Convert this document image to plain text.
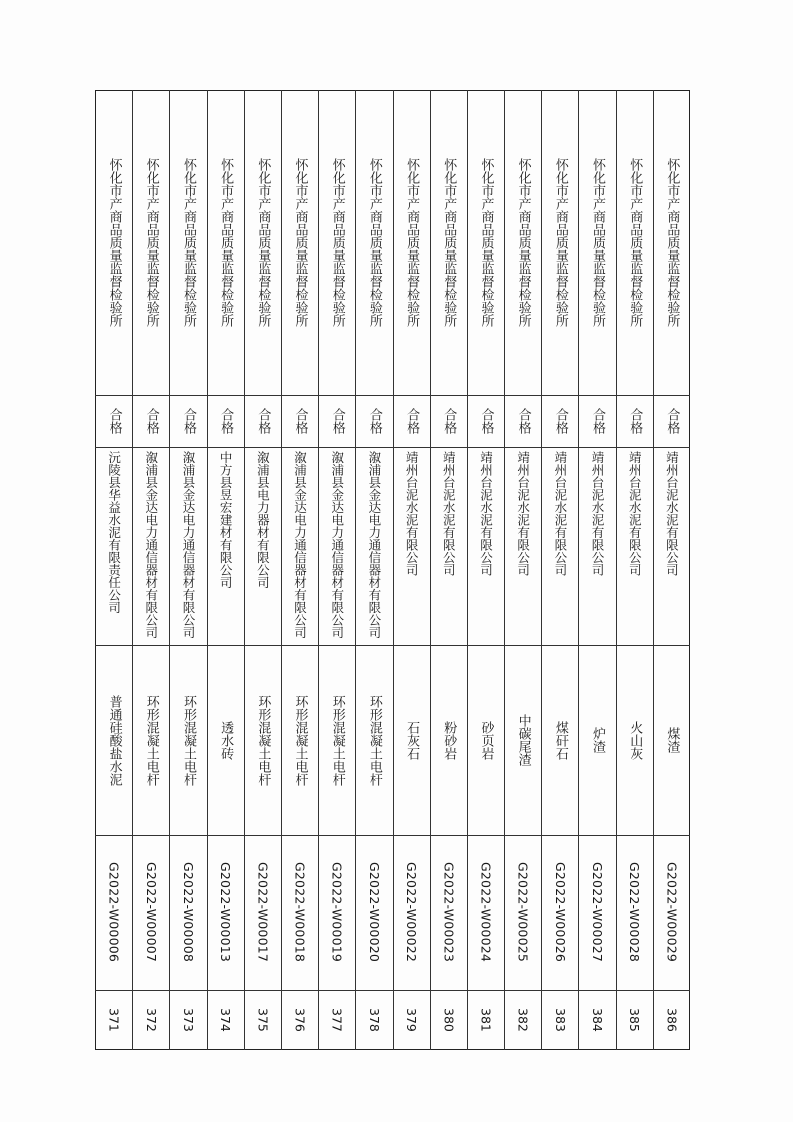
怀化市产商品质量监督检验所
合格
沅陵县华益水泥有限责任公司
普通硅酸盐水泥
G2022-W00006
371
怀化市产商品质量监督检验所
合格
溆浦县金达电力通信器材有限公司
环形混凝土电杆
G2022-W00007
372
怀化市产商品质量监督检验所
合格
溆浦县金达电力通信器材有限公司
环形混凝土电杆
G2022-W00008
373
怀化市产商品质量监督检验所
合格
中方县昱宏建材有限公司
透水砖
G2022-W00013
374
怀化市产商品质量监督检验所
合格
溆浦县电力器材有限公司
环形混凝土电杆
G2022-W00017
375
怀化市产商品质量监督检验所
合格
溆浦县金达电力通信器材有限公司
环形混凝土电杆
G2022-W00018
376
怀化市产商品质量监督检验所
合格
溆浦县金达电力通信器材有限公司
环形混凝土电杆
G2022-W00019
377
怀化市产商品质量监督检验所
合格
溆浦县金达电力通信器材有限公司
环形混凝土电杆
G2022-W00020
378
怀化市产商品质量监督检验所
合格
靖州台泥水泥有限公司
石灰石
G2022-W00022
379
怀化市产商品质量监督检验所
合格
靖州台泥水泥有限公司
粉砂岩
G2022-W00023
380
怀化市产商品质量监督检验所
合格
靖州台泥水泥有限公司
砂页岩
G2022-W00024
381
怀化市产商品质量监督检验所
合格
靖州台泥水泥有限公司
中碳尾渣
G2022-W00025
382
怀化市产商品质量监督检验所
合格
靖州台泥水泥有限公司
煤矸石
G2022-W00026
383
怀化市产商品质量监督检验所
合格
靖州台泥水泥有限公司
炉渣
G2022-W00027
384
怀化市产商品质量监督检验所
合格
靖州台泥水泥有限公司
火山灰
G2022-W00028
385
怀化市产商品质量监督检验所
合格
靖州台泥水泥有限公司
煤渣
G2022-W00029
386
